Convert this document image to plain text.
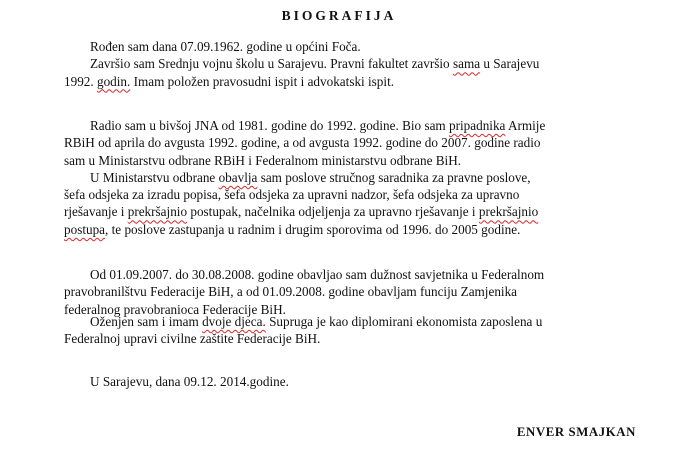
BIOGRAFIJA
Rođen sam dana 07.09.1962. godine u općini Foča.
Završio sam Srednju vojnu školu u Sarajevu. Pravni fakultet završio sama u Sarajevu
1992. godin. Imam položen pravosudni ispit i advokatski ispit.
Radio sam u bivšoj JNA od 1981. godine do 1992. godine. Bio sam pripadnika Armije
RBiH od aprila do avgusta 1992. godine, a od avgusta 1992. godine do 2007. godine radio
sam u Ministarstvu odbrane RBiH i Federalnom ministarstvu odbrane BiH.
U Ministarstvu odbrane obavlja sam poslove stručnog saradnika za pravne poslove,
šefa odsjeka za izradu popisa, šefa odsjeka za upravni nadzor, šefa odsjeka za upravno
rješavanje i prekršajnio postupak, načelnika odjeljenja za upravno rješavanje i prekršajnio
postupa, te poslove zastupanja u radnim i drugim sporovima od 1996. do 2005 godine.
Od 01.09.2007. do 30.08.2008. godine obavljao sam dužnost savjetnika u Federalnom
pravobranilštvu Federacije BiH, a od 01.09.2008. godine obavljam funciju Zamjenika
federalnog pravobranioca Federacije BiH.
Oženjen sam i imam dvoje djeca. Supruga je kao diplomirani ekonomista zaposlena u
Federalnoj upravi civilne zaštite Federacije BiH.
U Sarajevu, dana 09.12. 2014.godine.
ENVER SMAJKAN
